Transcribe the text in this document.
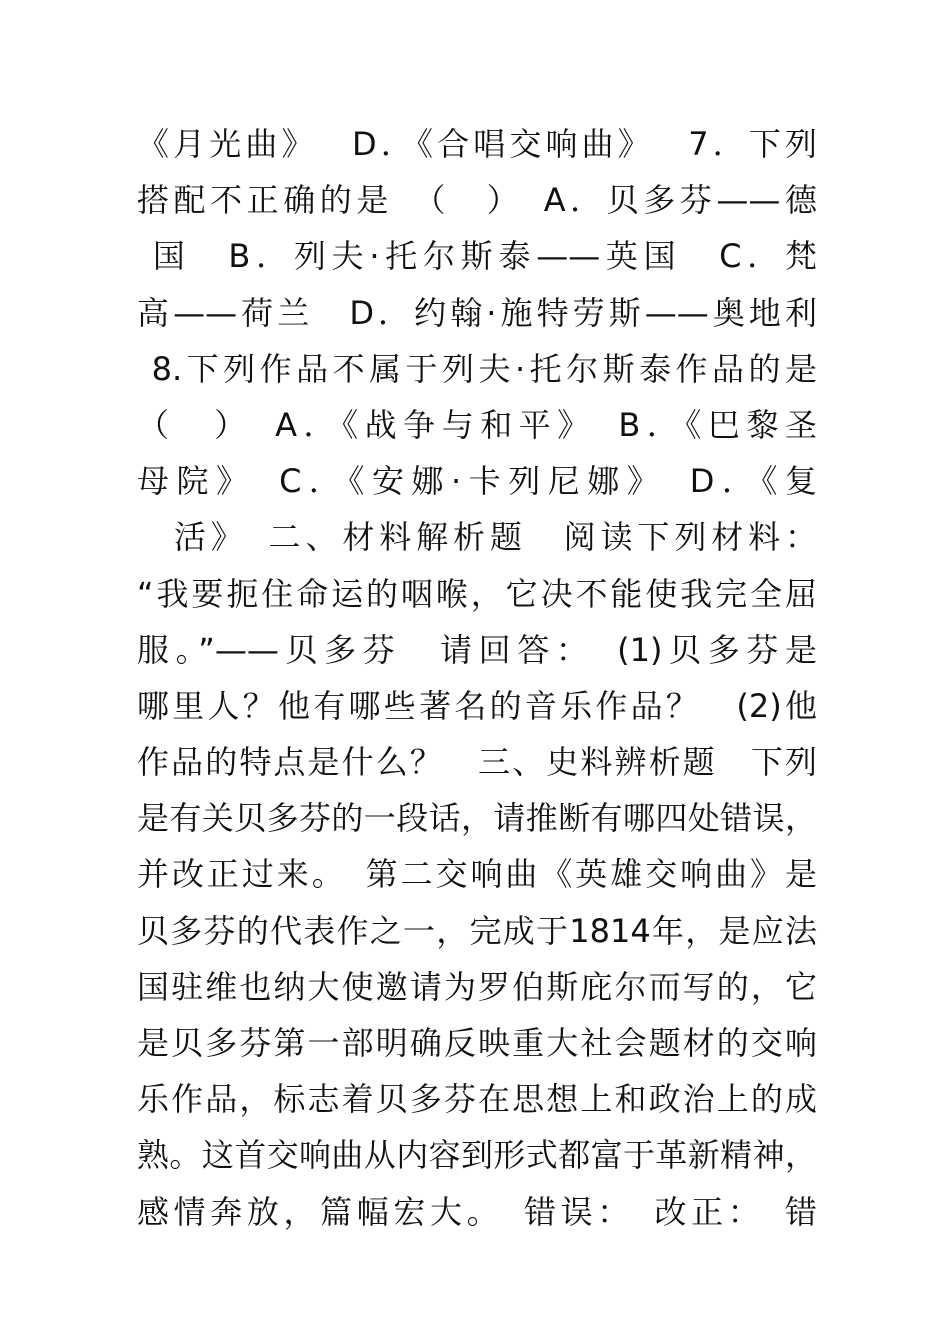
《月光曲》　 D．《合唱交响曲》　 7．下列
搭配不正确的是　（　）　A．贝多芬——德
国　B．列夫·托尔斯泰——英国　C．梵
高——荷兰　D．约翰·施特劳斯——奥地利
8.下列作品不属于列夫·托尔斯泰作品的是
（　）　A．《战争与和平》　B．《巴黎圣
母院》　C．《安娜·卡列尼娜》　D．《复
　活》　二、材料解析题　阅读下列材料：
“我要扼住命运的咽喉，它决不能使我完全屈
服。”——贝多芬　请回答：　(1)贝多芬是
哪里人？他有哪些著名的音乐作品？　(2)他
作品的特点是什么？　三、史料辨析题　下列
是有关贝多芬的一段话，请推断有哪四处错误，
并改正过来。　第二交响曲《英雄交响曲》是
贝多芬的代表作之一，完成于1814年，是应法
国驻维也纳大使邀请为罗伯斯庇尔而写的，它
是贝多芬第一部明确反映重大社会题材的交响
乐作品，标志着贝多芬在思想上和政治上的成
熟。这首交响曲从内容到形式都富于革新精神，
感情奔放，篇幅宏大。　错误：　改正：　错
